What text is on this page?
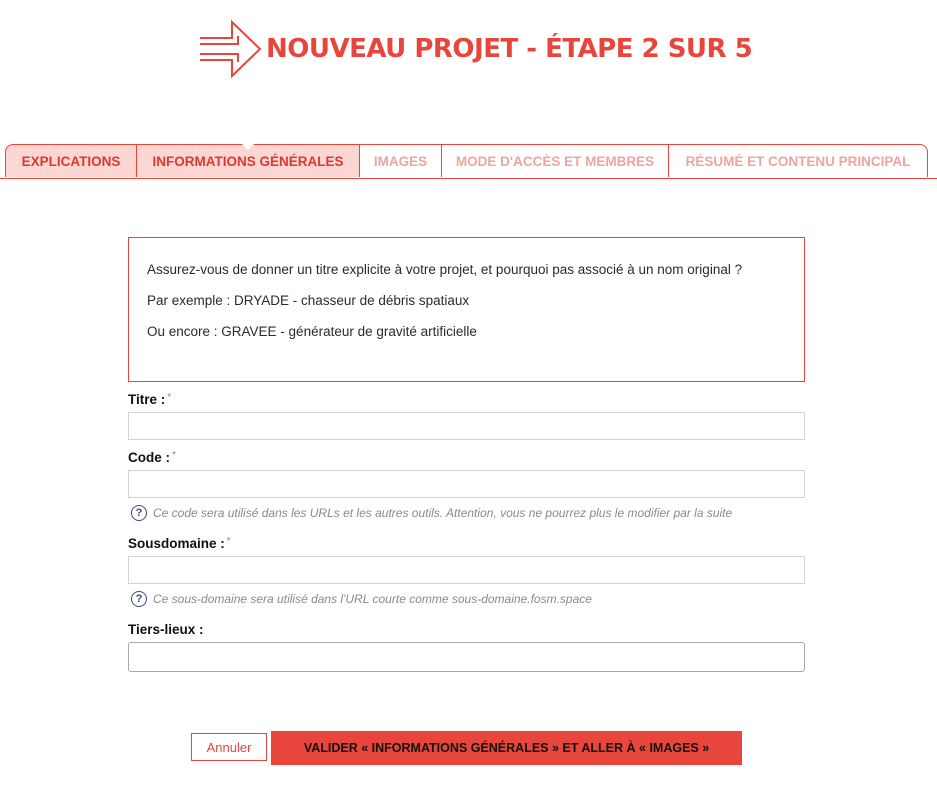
NOUVEAU PROJET - ÉTAPE 2 SUR 5
EXPLICATIONS	INFORMATIONS GÉNÉRALES	IMAGES	MODE D'ACCÈS ET MEMBRES	RÉSUMÉ ET CONTENU PRINCIPAL

Assurez-vous de donner un titre explicite à votre projet, et pourquoi pas associé à un nom original ?

Par exemple : DRYADE - chasseur de débris spatiaux

Ou encore : GRAVEE - générateur de gravité artificielle

Titre : *
Code : *
? Ce code sera utilisé dans les URLs et les autres outils. Attention, vous ne pourrez plus le modifier par la suite
Sousdomaine : *
? Ce sous-domaine sera utilisé dans l'URL courte comme sous-domaine.fosm.space
Tiers-lieux :
Annuler	VALIDER « INFORMATIONS GÉNÉRALES » ET ALLER À « IMAGES »
